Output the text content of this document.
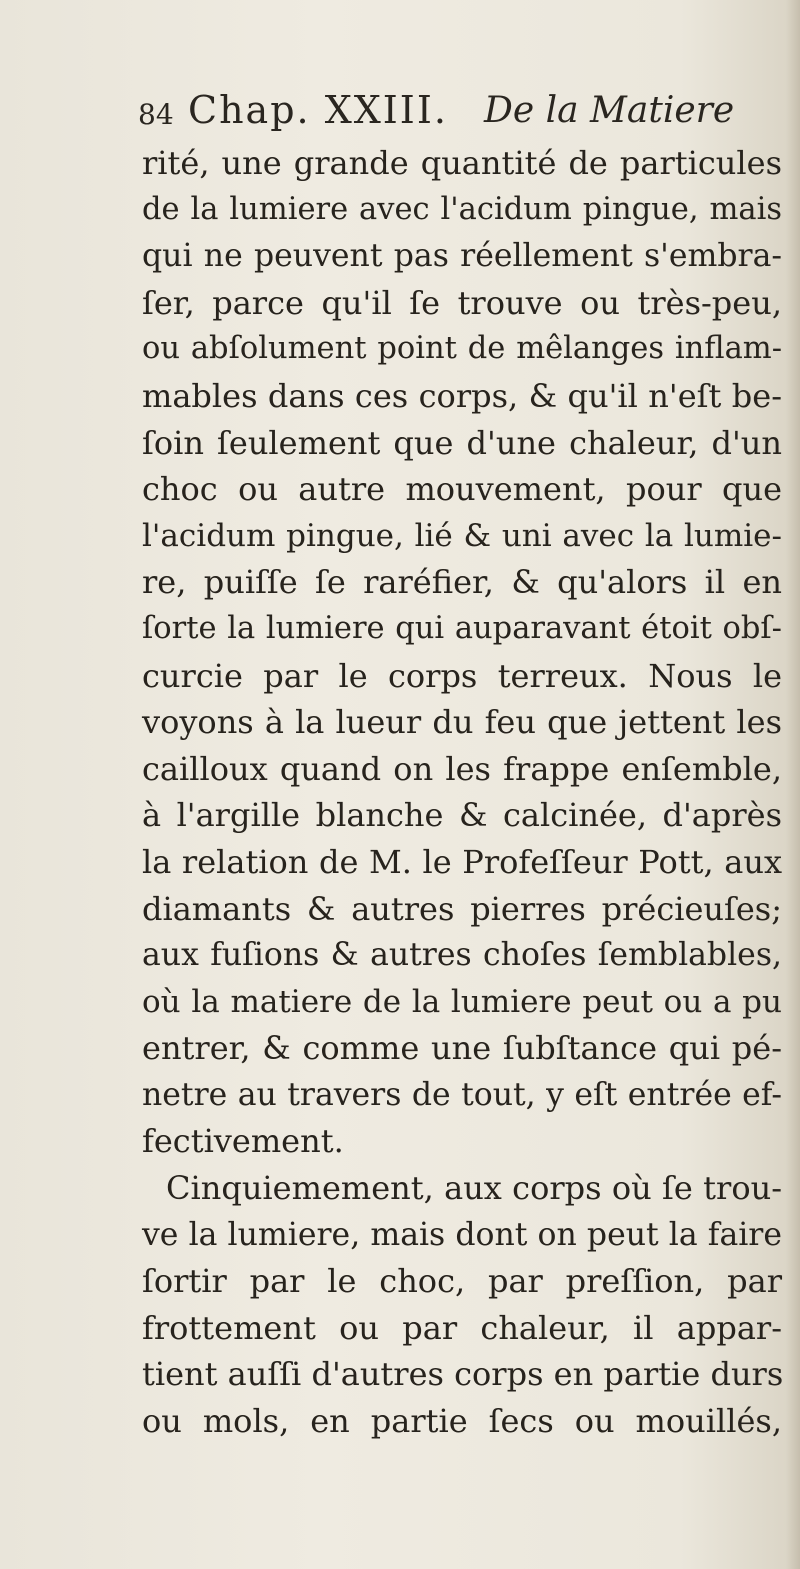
84 Chap. XXIII. De la Matiere
rité, une grande quantité de particules
de la lumiere avec l'acidum pingue, mais
qui ne peuvent pas réellement s'embra-
ſer, parce qu'il ſe trouve ou très-peu,
ou abſolument point de mêlanges inflam-
mables dans ces corps, & qu'il n'eſt be-
ſoin ſeulement que d'une chaleur, d'un
choc ou autre mouvement, pour que
l'acidum pingue, lié & uni avec la lumie-
re, puiſſe ſe raréfier, & qu'alors il en
ſorte la lumiere qui auparavant étoit obſ-
curcie par le corps terreux. Nous le
voyons à la lueur du feu que jettent les
cailloux quand on les frappe enſemble,
à l'argille blanche & calcinée, d'après
la relation de M. le Profeſſeur Pott, aux
diamants & autres pierres précieuſes;
aux fuſions & autres choſes ſemblables,
où la matiere de la lumiere peut ou a pu
entrer, & comme une ſubſtance qui pé-
netre au travers de tout, y eſt entrée ef-
fectivement.
Cinquiemement, aux corps où ſe trou-
ve la lumiere, mais dont on peut la faire
ſortir par le choc, par preſſion, par
frottement ou par chaleur, il appar-
tient auſſi d'autres corps en partie durs
ou mols, en partie ſecs ou mouillés,
